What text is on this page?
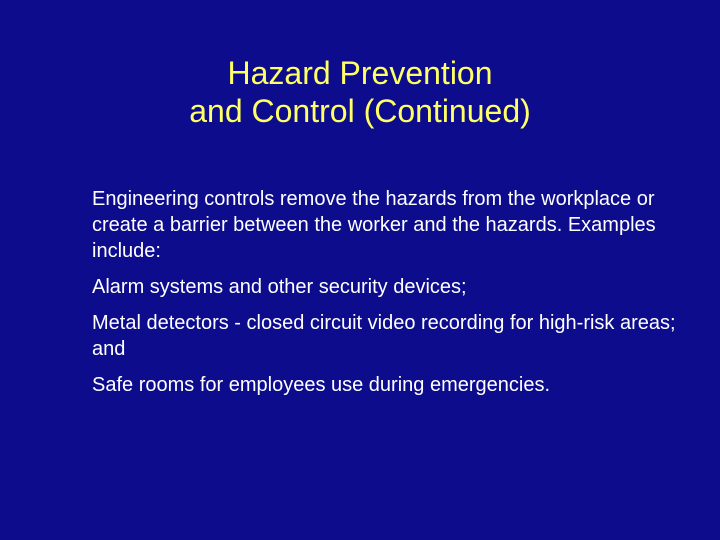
Hazard Prevention
and Control (Continued)

Engineering controls remove the hazards from the workplace or create a barrier between the worker and the hazards. Examples include:

Alarm systems and other security devices;

Metal detectors - closed circuit video recording for high-risk areas; and

Safe rooms for employees use during emergencies.
